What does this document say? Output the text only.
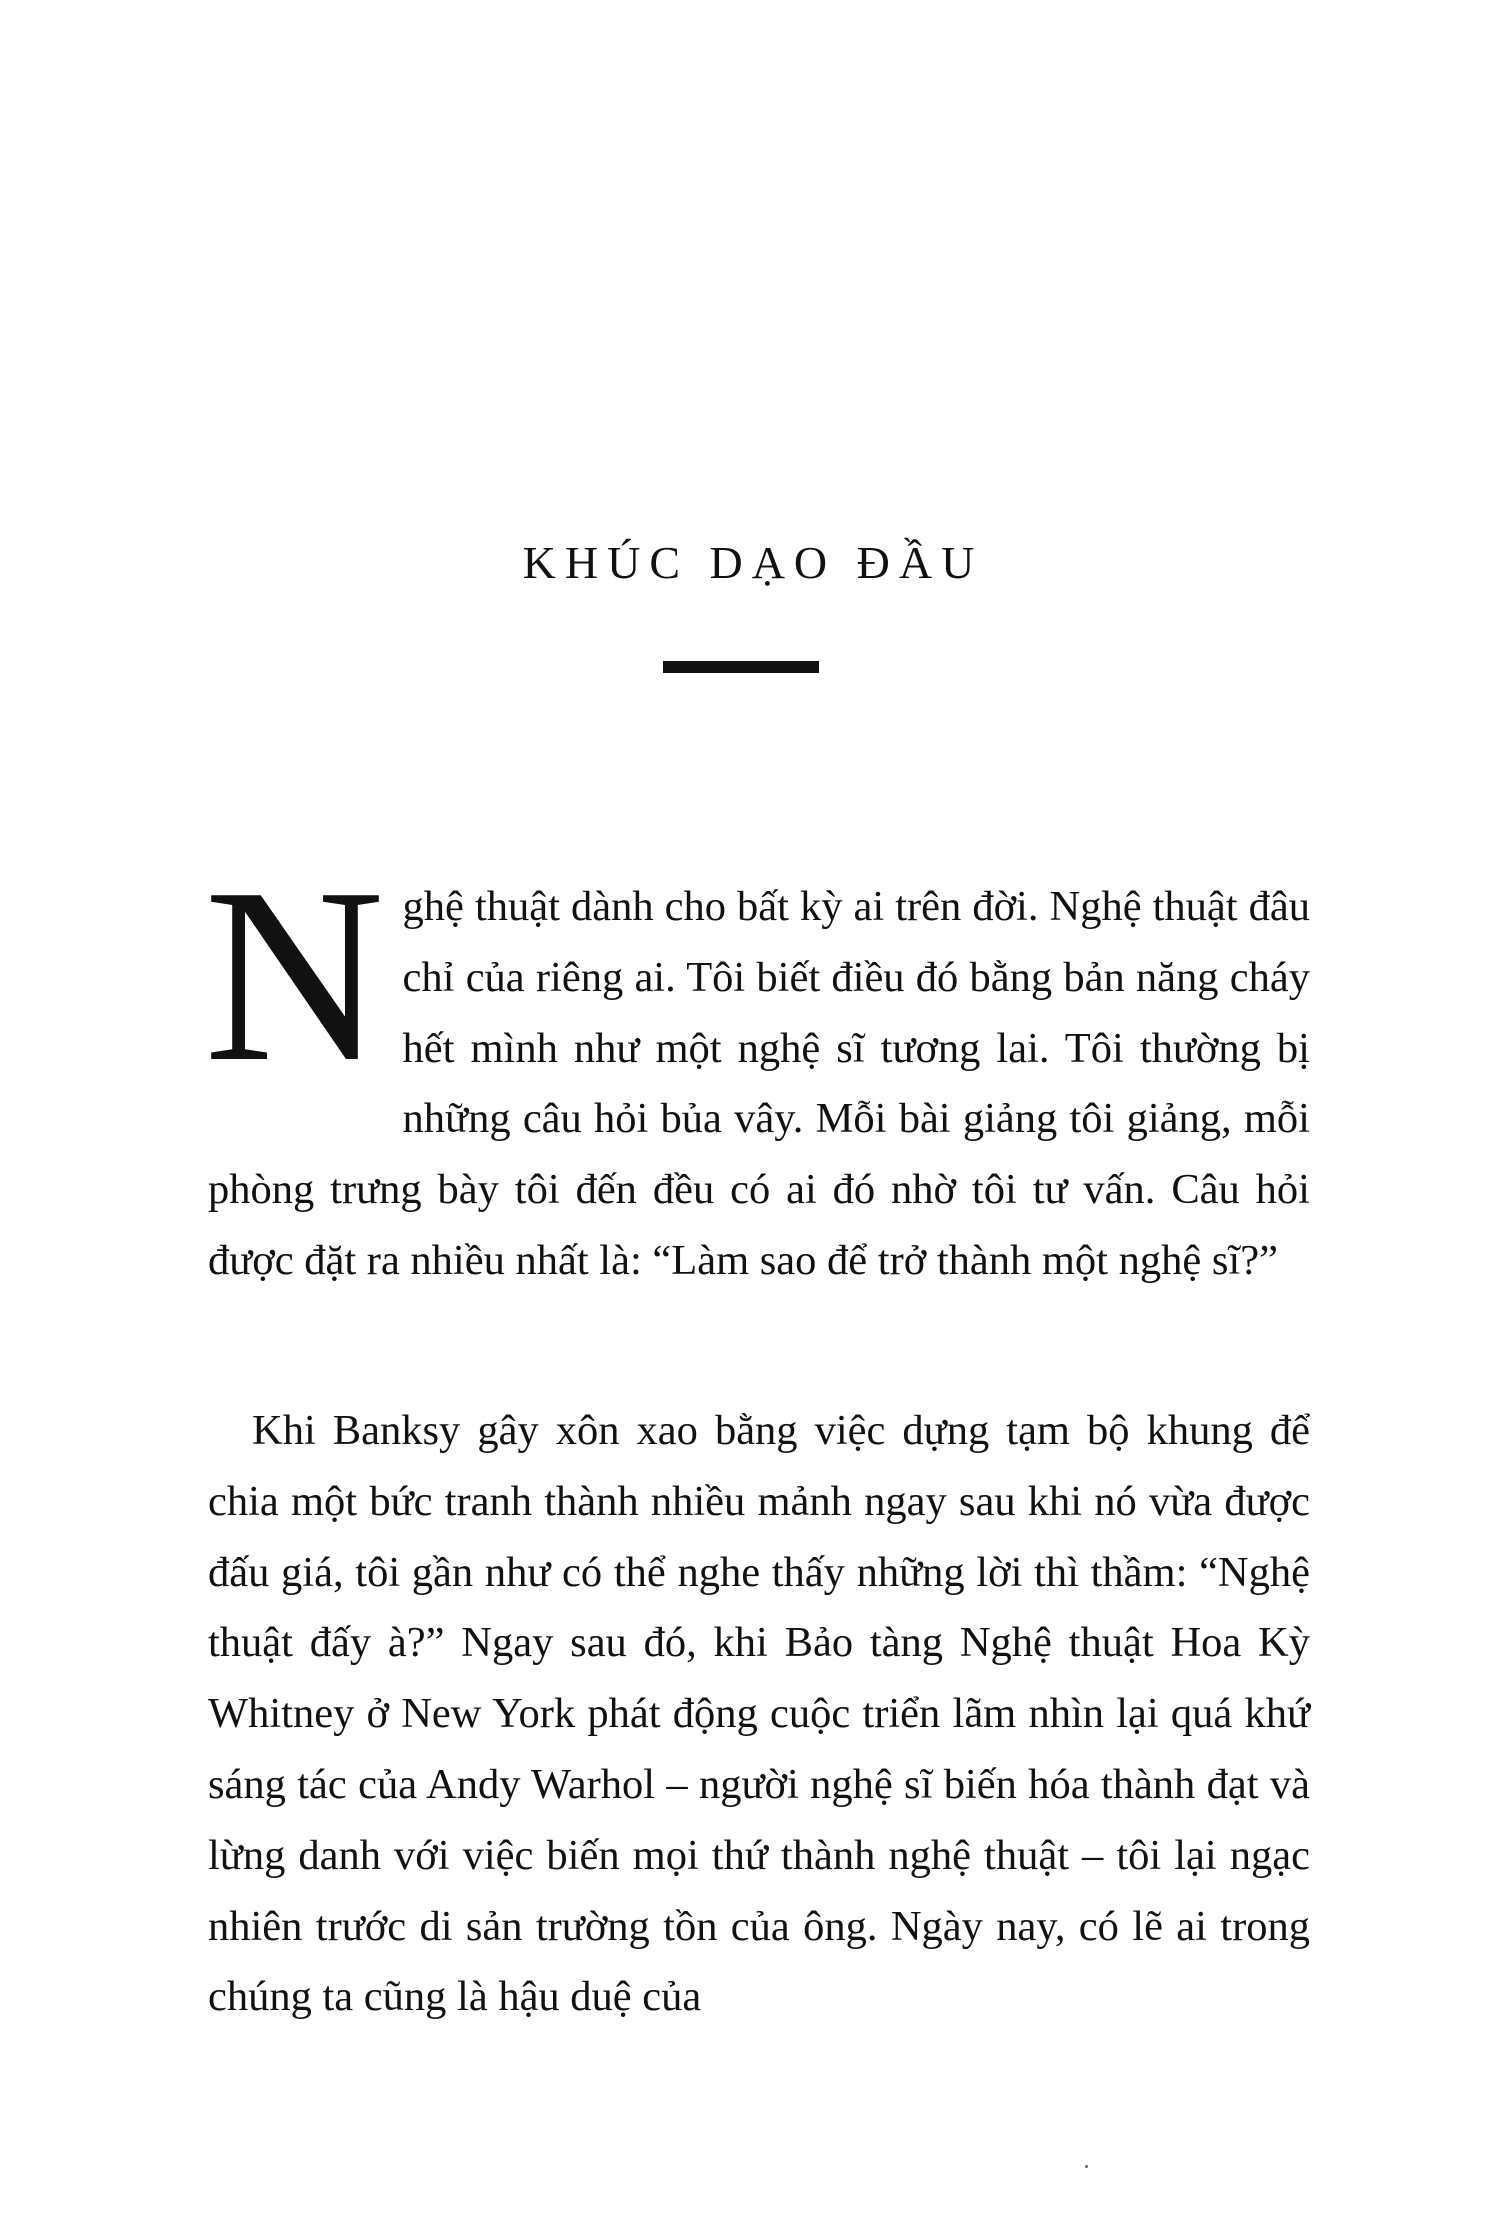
KHÚC DẠO ĐẦU

Nghệ thuật dành cho bất kỳ ai trên đời. Nghệ thuật đâu chỉ của riêng ai. Tôi biết điều đó bằng bản năng cháy hết mình như một nghệ sĩ tương lai. Tôi thường bị những câu hỏi bủa vây. Mỗi bài giảng tôi giảng, mỗi phòng trưng bày tôi đến đều có ai đó nhờ tôi tư vấn. Câu hỏi được đặt ra nhiều nhất là: “Làm sao để trở thành một nghệ sĩ?”

Khi Banksy gây xôn xao bằng việc dựng tạm bộ khung để chia một bức tranh thành nhiều mảnh ngay sau khi nó vừa được đấu giá, tôi gần như có thể nghe thấy những lời thì thầm: “Nghệ thuật đấy à?” Ngay sau đó, khi Bảo tàng Nghệ thuật Hoa Kỳ Whitney ở New York phát động cuộc triển lãm nhìn lại quá khứ sáng tác của Andy Warhol – người nghệ sĩ biến hóa thành đạt và lừng danh với việc biến mọi thứ thành nghệ thuật – tôi lại ngạc nhiên trước di sản trường tồn của ông. Ngày nay, có lẽ ai trong chúng ta cũng là hậu duệ của
